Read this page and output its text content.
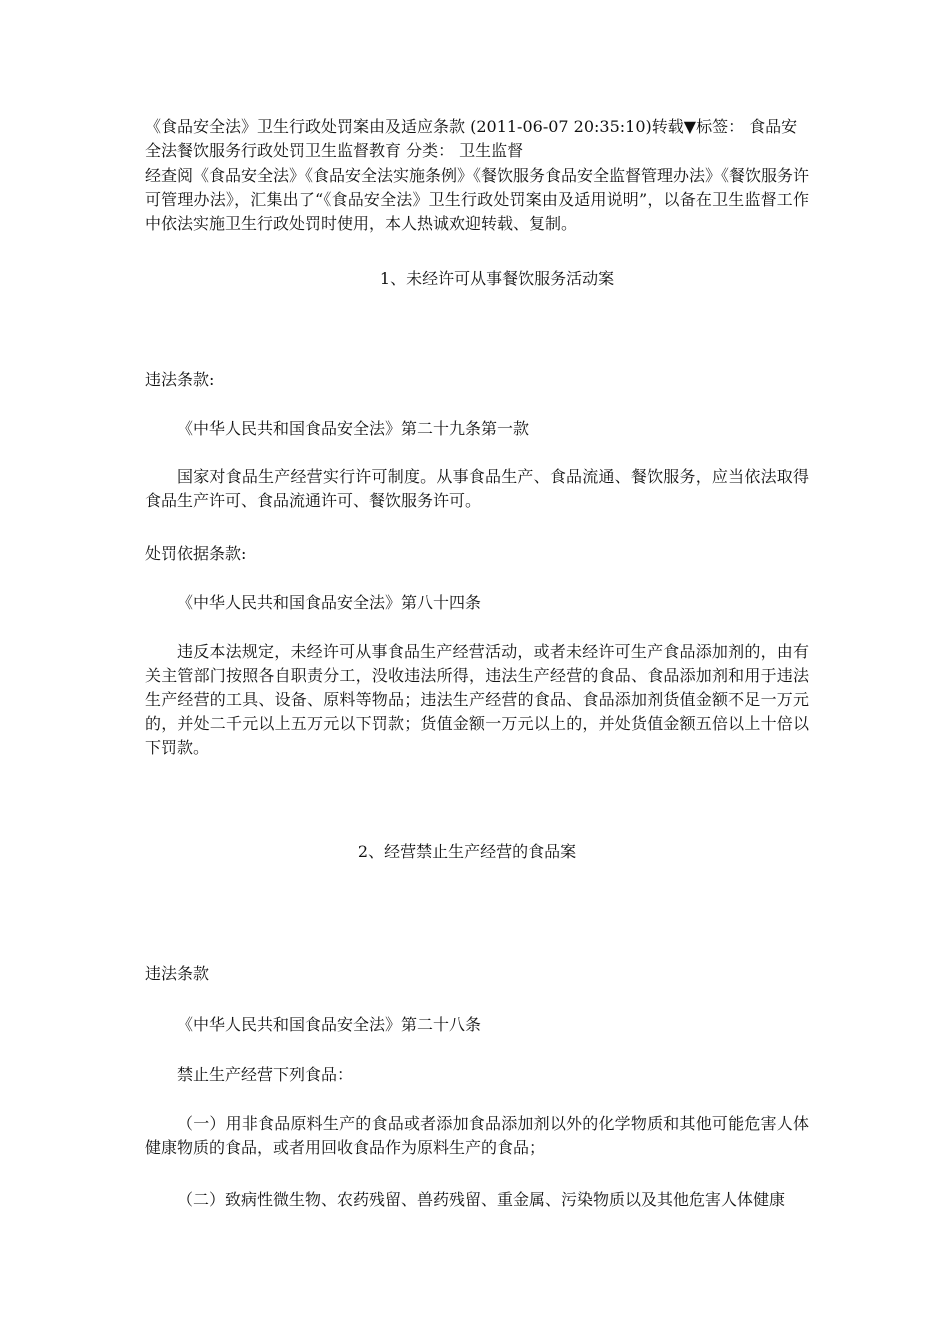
《食品安全法》卫生行政处罚案由及适应条款 (2011-06-07 20:35:10)转载▼标签： 食品安
全法餐饮服务行政处罚卫生监督教育 分类： 卫生监督

经查阅《食品安全法》《食品安全法实施条例》《餐饮服务食品安全监督管理办法》《餐饮服务许可管理办法》，汇集出了“《食品安全法》卫生行政处罚案由及适用说明”，以备在卫生监督工作中依法实施卫生行政处罚时使用，本人热诚欢迎转载、复制。

1、未经许可从事餐饮服务活动案
违法条款:
《中华人民共和国食品安全法》第二十九条第一款

国家对食品生产经营实行许可制度。从事食品生产、食品流通、餐饮服务，应当依法取得食品生产许可、食品流通许可、餐饮服务许可。

处罚依据条款:
《中华人民共和国食品安全法》第八十四条

违反本法规定，未经许可从事食品生产经营活动，或者未经许可生产食品添加剂的，由有关主管部门按照各自职责分工，没收违法所得，违法生产经营的食品、食品添加剂和用于违法生产经营的工具、设备、原料等物品；违法生产经营的食品、食品添加剂货值金额不足一万元的，并处二千元以上五万元以下罚款；货值金额一万元以上的，并处货值金额五倍以上十倍以下罚款。

2、经营禁止生产经营的食品案
违法条款
《中华人民共和国食品安全法》第二十八条
禁止生产经营下列食品：

（一）用非食品原料生产的食品或者添加食品添加剂以外的化学物质和其他可能危害人体健康物质的食品，或者用回收食品作为原料生产的食品；

（二）致病性微生物、农药残留、兽药残留、重金属、污染物质以及其他危害人体健康
